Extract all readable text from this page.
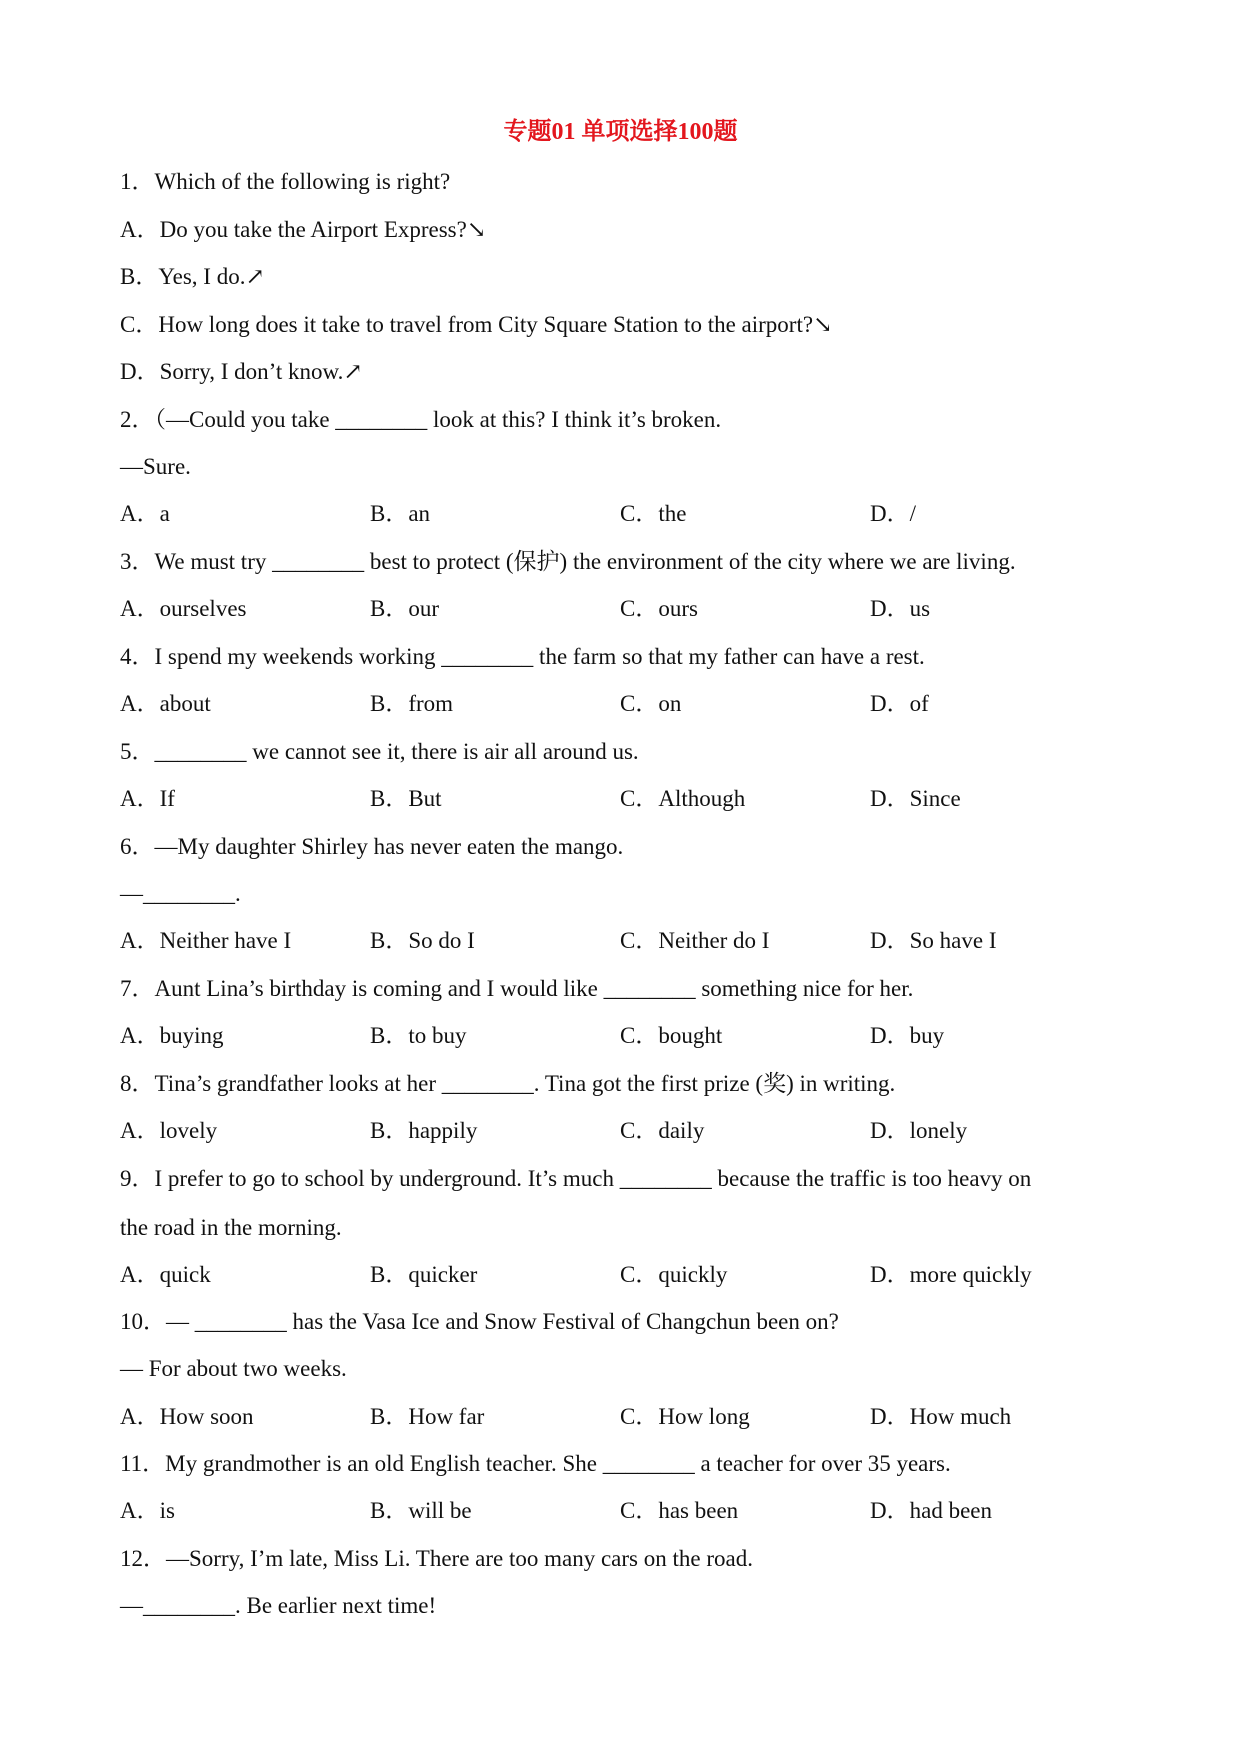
专题01 单项选择100题
1．Which of the following is right?
A．Do you take the Airport Express?↘
B．Yes, I do.↗
C．How long does it take to travel from City Square Station to the airport?↘
D．Sorry, I don’t know.↗
2．（—Could you take ________ look at this? I think it’s broken.
—Sure.
A．a	B．an	C．the	D．/
3．We must try ________ best to protect (保护) the environment of the city where we are living.
A．ourselves	B．our	C．ours	D．us
4．I spend my weekends working ________ the farm so that my father can have a rest.
A．about	B．from	C．on	D．of
5．________ we cannot see it, there is air all around us.
A．If	B．But	C．Although	D．Since
6．—My daughter Shirley has never eaten the mango.
—________.
A．Neither have I	B．So do I	C．Neither do I	D．So have I
7．Aunt Lina’s birthday is coming and I would like ________ something nice for her.
A．buying	B．to buy	C．bought	D．buy
8．Tina’s grandfather looks at her ________. Tina got the first prize (奖) in writing.
A．lovely	B．happily	C．daily	D．lonely
9．I prefer to go to school by underground. It’s much ________ because the traffic is too heavy on
the road in the morning.
A．quick	B．quicker	C．quickly	D．more quickly
10．— ________ has the Vasa Ice and Snow Festival of Changchun been on?
— For about two weeks.
A．How soon	B．How far	C．How long	D．How much
11．My grandmother is an old English teacher. She ________ a teacher for over 35 years.
A．is	B．will be	C．has been	D．had been
12．—Sorry, I’m late, Miss Li. There are too many cars on the road.
—________. Be earlier next time!
